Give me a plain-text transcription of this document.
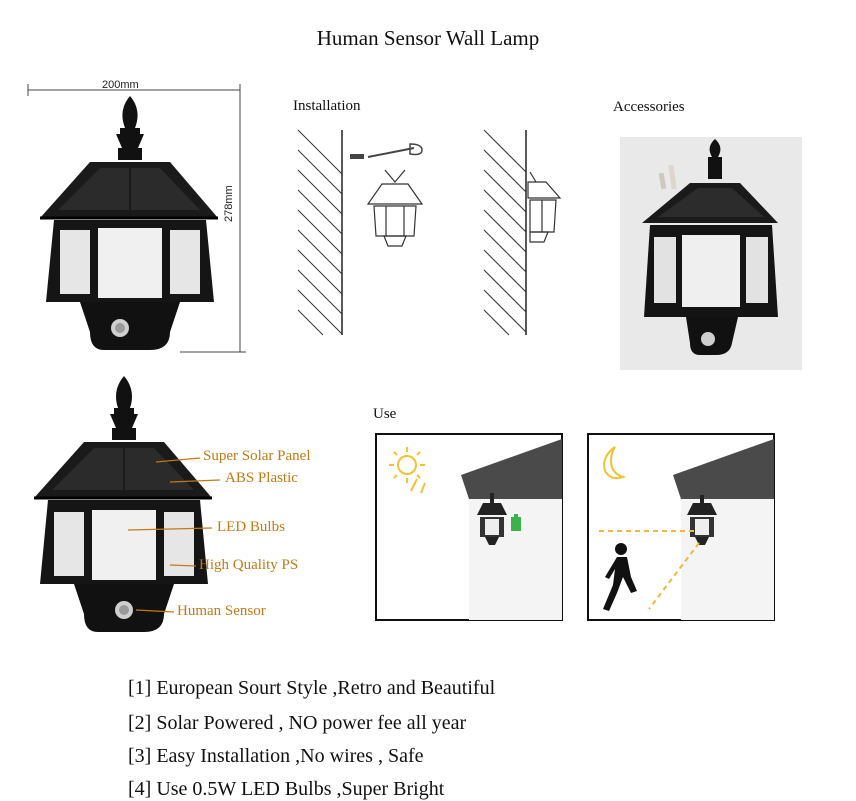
Human Sensor Wall Lamp
Installation	Accessories
Use
200mm
278mm
Super Solar Panel
ABS Plastic
LED Bulbs
High Quality PS
Human Sensor
[1] European Sourt Style ,Retro and Beautiful
[2] Solar Powered , NO power fee all year
[3] Easy Installation ,No wires , Safe
[4] Use 0.5W LED Bulbs ,Super Bright
